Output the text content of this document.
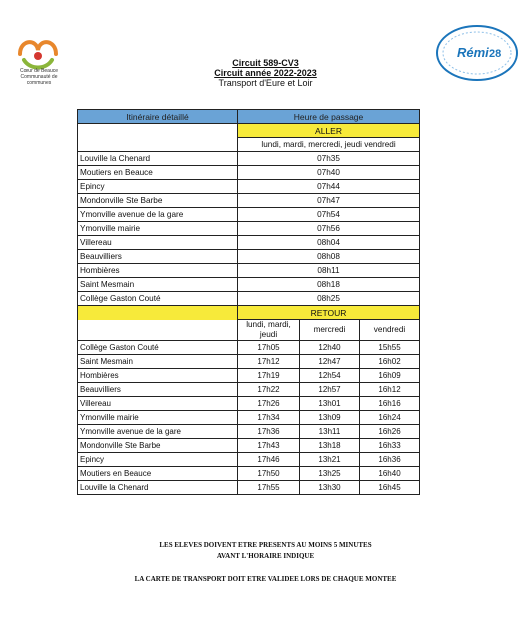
Cœur de Beauce
Communauté de communes
Rémi 28
Circuit 589-CV3
Circuit année 2022-2023
Transport d'Eure et Loir
Itinéraire détaillé	Heure de passage		
	ALLER		
	lundi, mardi, mercredi, jeudi vendredi		
Louville la Chenard	07h35		
Moutiers en Beauce	07h40		
Epincy	07h44		
Mondonville Ste Barbe	07h47		
Ymonville avenue de la gare	07h54		
Ymonville mairie	07h56		
Villereau	08h04		
Beauvilliers	08h08		
Hombières	08h11		
Saint Mesmain	08h18		
Collège Gaston Couté	08h25		
	RETOUR		
	lundi, mardi, jeudi	mercredi	vendredi
Collège Gaston Couté	17h05	12h40	15h55
Saint Mesmain	17h12	12h47	16h02
Hombières	17h19	12h54	16h09
Beauvilliers	17h22	12h57	16h12
Villereau	17h26	13h01	16h16
Ymonville mairie	17h34	13h09	16h24
Ymonville avenue de la gare	17h36	13h11	16h26
Mondonville Ste Barbe	17h43	13h18	16h33
Epincy	17h46	13h21	16h36
Moutiers en Beauce	17h50	13h25	16h40
Louville la Chenard	17h55	13h30	16h45
LES ELEVES DOIVENT ETRE PRESENTS AU MOINS 5 MINUTES
AVANT L'HORAIRE INDIQUE
LA CARTE DE TRANSPORT DOIT ETRE VALIDEE LORS DE CHAQUE MONTEE
